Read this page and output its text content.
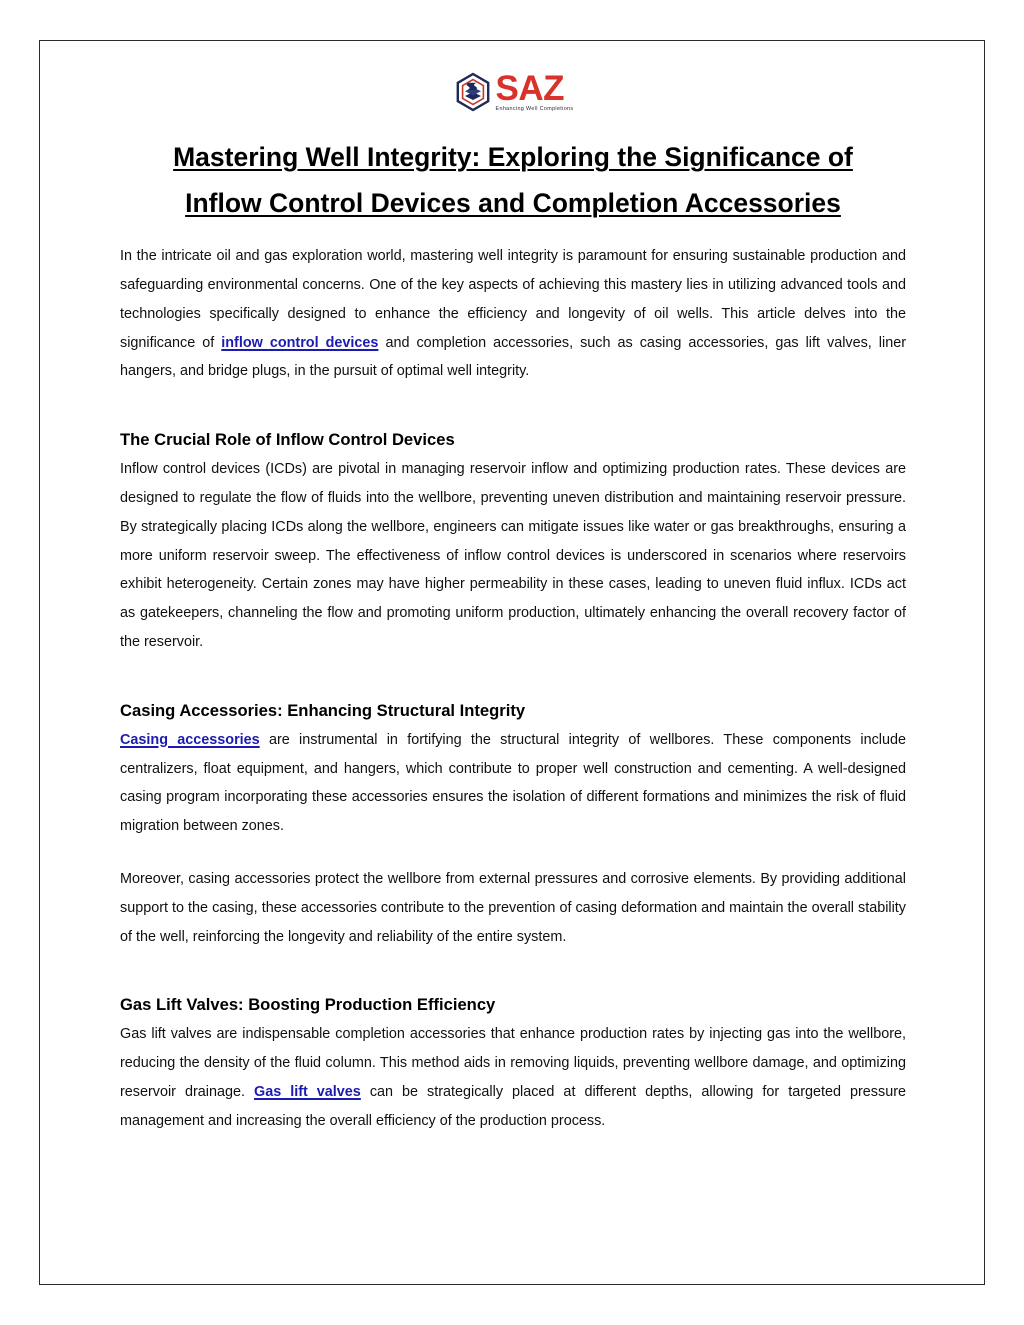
SAZ
Enhancing Well Completions
Mastering Well Integrity: Exploring the Significance of
Inflow Control Devices and Completion Accessories

In the intricate oil and gas exploration world, mastering well integrity is paramount for ensuring sustainable production and safeguarding environmental concerns. One of the key aspects of achieving this mastery lies in utilizing advanced tools and technologies specifically designed to enhance the efficiency and longevity of oil wells. This article delves into the significance of inflow control devices and completion accessories, such as casing accessories, gas lift valves, liner hangers, and bridge plugs, in the pursuit of optimal well integrity.

The Crucial Role of Inflow Control Devices

Inflow control devices (ICDs) are pivotal in managing reservoir inflow and optimizing production rates. These devices are designed to regulate the flow of fluids into the wellbore, preventing uneven distribution and maintaining reservoir pressure. By strategically placing ICDs along the wellbore, engineers can mitigate issues like water or gas breakthroughs, ensuring a more uniform reservoir sweep. The effectiveness of inflow control devices is underscored in scenarios where reservoirs exhibit heterogeneity. Certain zones may have higher permeability in these cases, leading to uneven fluid influx. ICDs act as gatekeepers, channeling the flow and promoting uniform production, ultimately enhancing the overall recovery factor of the reservoir.

Casing Accessories: Enhancing Structural Integrity

Casing accessories are instrumental in fortifying the structural integrity of wellbores. These components include centralizers, float equipment, and hangers, which contribute to proper well construction and cementing. A well-designed casing program incorporating these accessories ensures the isolation of different formations and minimizes the risk of fluid migration between zones.

Moreover, casing accessories protect the wellbore from external pressures and corrosive elements. By providing additional support to the casing, these accessories contribute to the prevention of casing deformation and maintain the overall stability of the well, reinforcing the longevity and reliability of the entire system.

Gas Lift Valves: Boosting Production Efficiency

Gas lift valves are indispensable completion accessories that enhance production rates by injecting gas into the wellbore, reducing the density of the fluid column. This method aids in removing liquids, preventing wellbore damage, and optimizing reservoir drainage. Gas lift valves can be strategically placed at different depths, allowing for targeted pressure management and increasing the overall efficiency of the production process.
